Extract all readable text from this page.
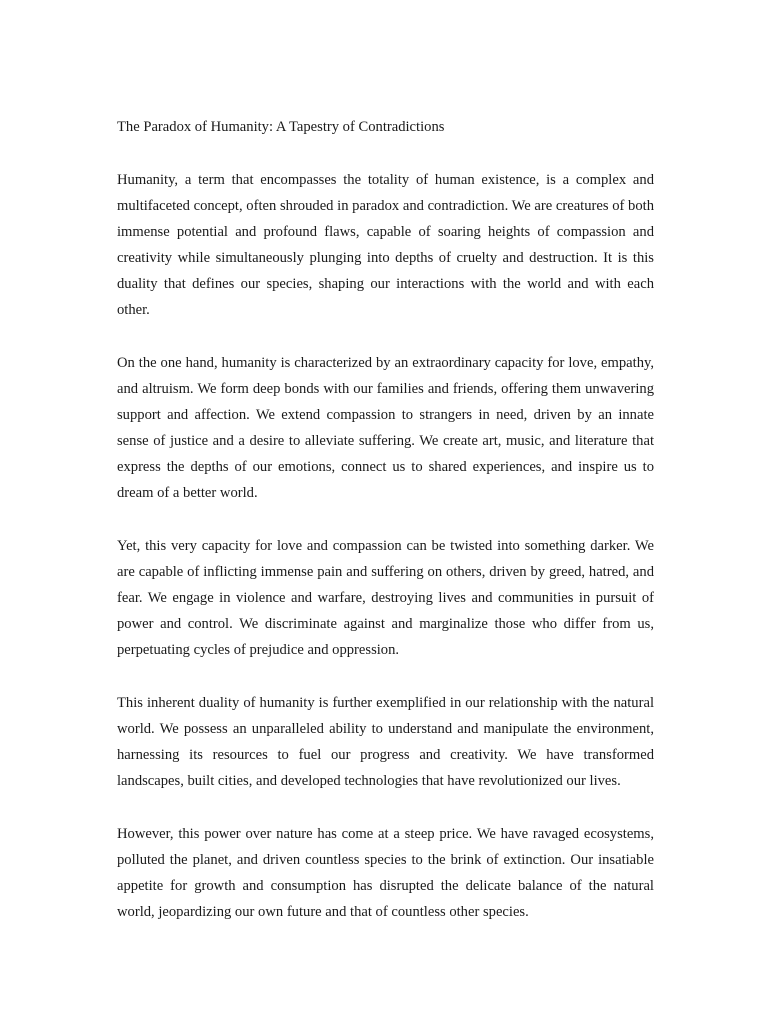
The Paradox of Humanity: A Tapestry of Contradictions

Humanity, a term that encompasses the totality of human existence, is a complex and multifaceted concept, often shrouded in paradox and contradiction. We are creatures of both immense potential and profound flaws, capable of soaring heights of compassion and creativity while simultaneously plunging into depths of cruelty and destruction. It is this duality that defines our species, shaping our interactions with the world and with each other.

On the one hand, humanity is characterized by an extraordinary capacity for love, empathy, and altruism. We form deep bonds with our families and friends, offering them unwavering support and affection. We extend compassion to strangers in need, driven by an innate sense of justice and a desire to alleviate suffering. We create art, music, and literature that express the depths of our emotions, connect us to shared experiences, and inspire us to dream of a better world.

Yet, this very capacity for love and compassion can be twisted into something darker. We are capable of inflicting immense pain and suffering on others, driven by greed, hatred, and fear. We engage in violence and warfare, destroying lives and communities in pursuit of power and control. We discriminate against and marginalize those who differ from us, perpetuating cycles of prejudice and oppression.

This inherent duality of humanity is further exemplified in our relationship with the natural world. We possess an unparalleled ability to understand and manipulate the environment, harnessing its resources to fuel our progress and creativity. We have transformed landscapes, built cities, and developed technologies that have revolutionized our lives.

However, this power over nature has come at a steep price. We have ravaged ecosystems, polluted the planet, and driven countless species to the brink of extinction. Our insatiable appetite for growth and consumption has disrupted the delicate balance of the natural world, jeopardizing our own future and that of countless other species.
